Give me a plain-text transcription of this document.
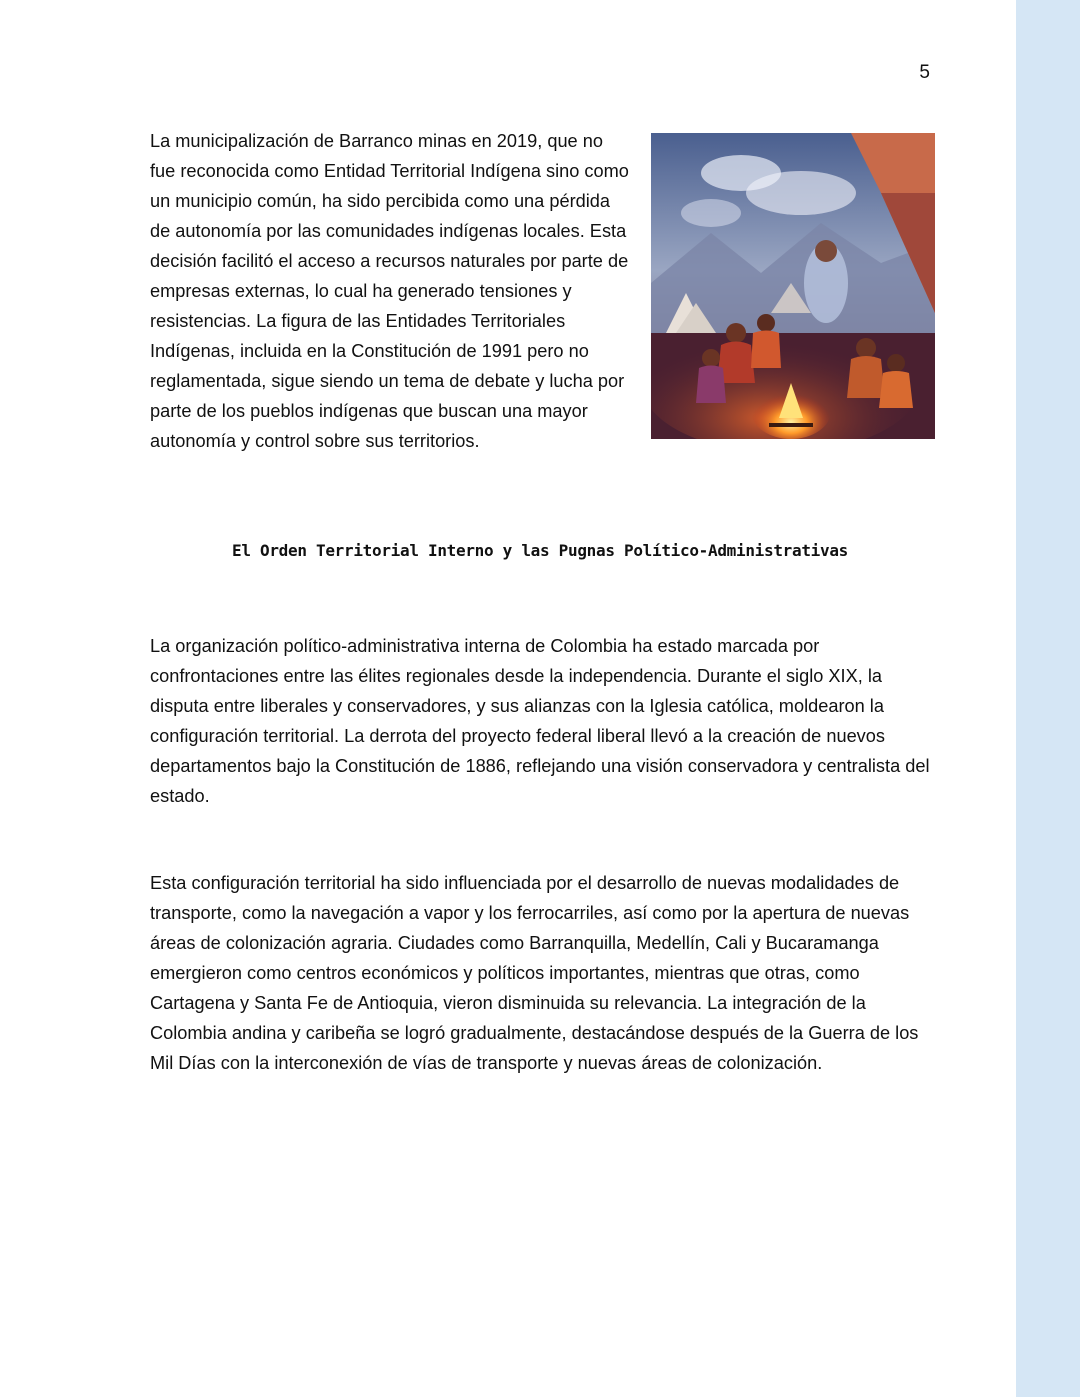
5

La municipalización de Barranco minas en 2019, que no fue reconocida como Entidad Territorial Indígena sino como un municipio común, ha sido percibida como una pérdida de autonomía por las comunidades indígenas locales. Esta decisión facilitó el acceso a recursos naturales por parte de empresas externas, lo cual ha generado tensiones y resistencias. La figura de las Entidades Territoriales Indígenas, incluida en la Constitución de 1991 pero no reglamentada, sigue siendo un tema de debate y lucha por parte de los pueblos indígenas que buscan una mayor autonomía y control sobre sus territorios.

El Orden Territorial Interno y las Pugnas Político-Administrativas

La organización político-administrativa interna de Colombia ha estado marcada por confrontaciones entre las élites regionales desde la independencia. Durante el siglo XIX, la disputa entre liberales y conservadores, y sus alianzas con la Iglesia católica, moldearon la configuración territorial. La derrota del proyecto federal liberal llevó a la creación de nuevos departamentos bajo la Constitución de 1886, reflejando una visión conservadora y centralista del estado.

Esta configuración territorial ha sido influenciada por el desarrollo de nuevas modalidades de transporte, como la navegación a vapor y los ferrocarriles, así como por la apertura de nuevas áreas de colonización agraria. Ciudades como Barranquilla, Medellín, Cali y Bucaramanga emergieron como centros económicos y políticos importantes, mientras que otras, como Cartagena y Santa Fe de Antioquia, vieron disminuida su relevancia. La integración de la Colombia andina y caribeña se logró gradualmente, destacándose después de la Guerra de los Mil Días con la interconexión de vías de transporte y nuevas áreas de colonización.
